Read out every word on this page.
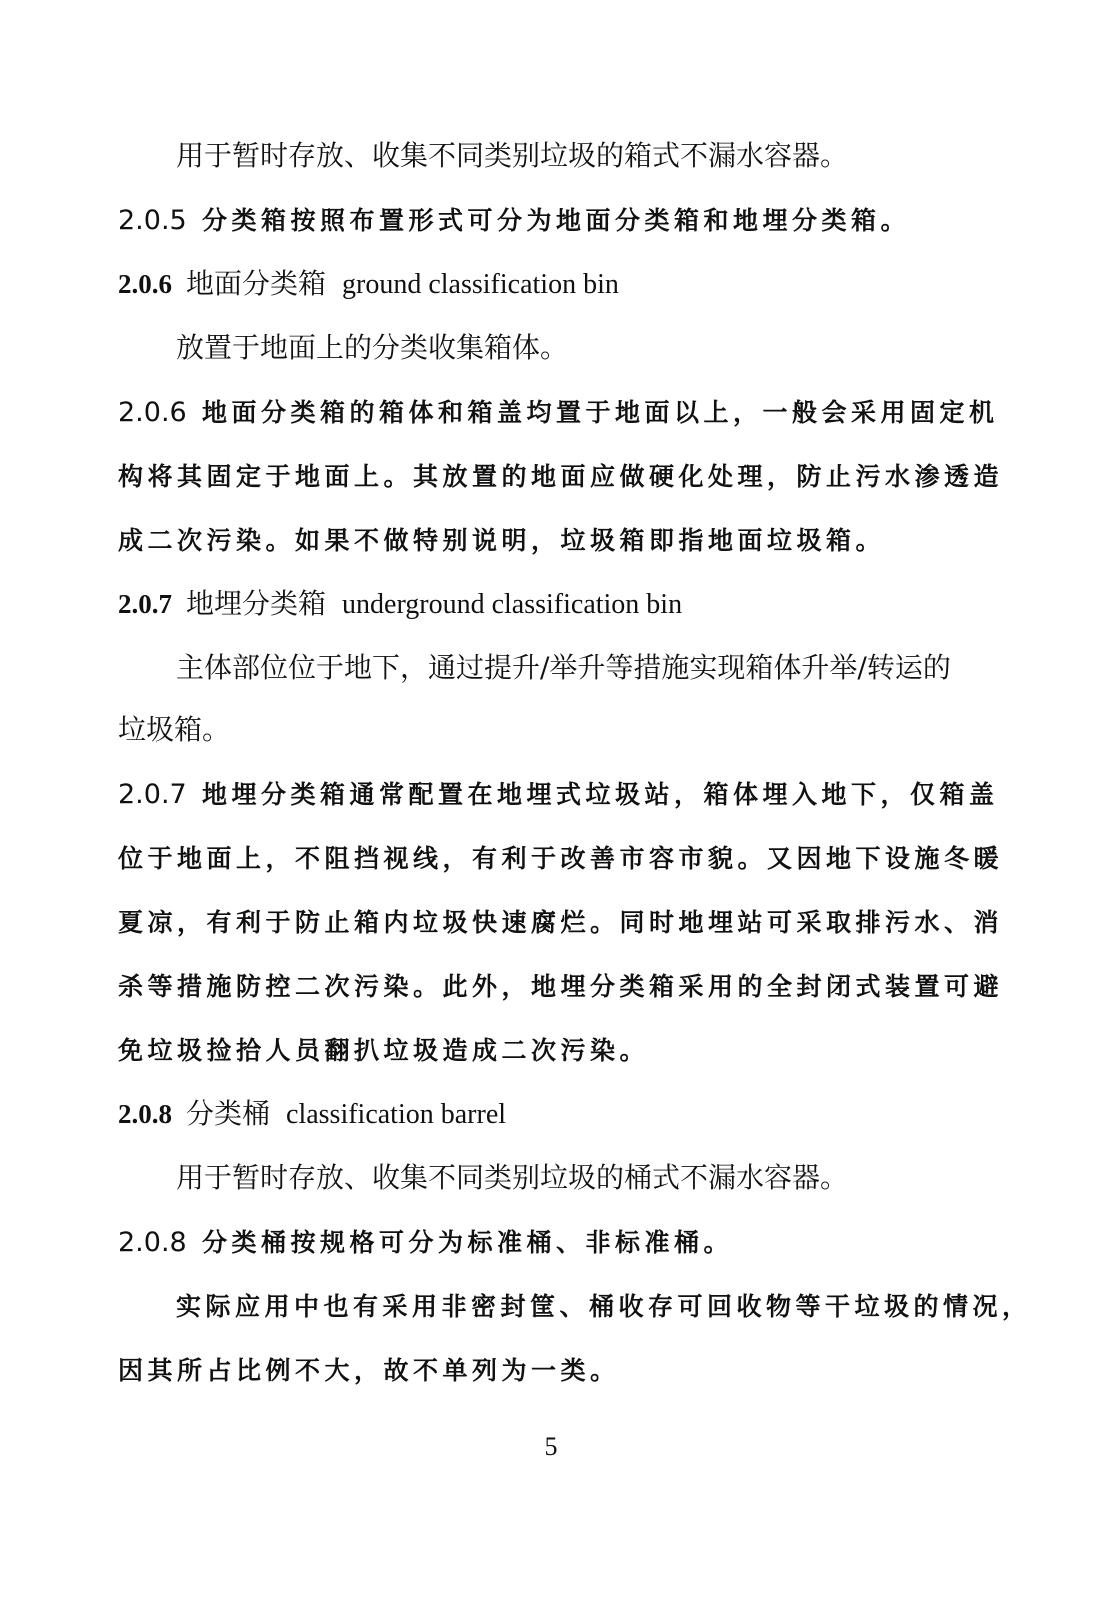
用于暂时存放、收集不同类别垃圾的箱式不漏水容器。
2.0.5 分类箱按照布置形式可分为地面分类箱和地埋分类箱。
2.0.6 地面分类箱 ground classification bin
放置于地面上的分类收集箱体。
2.0.6 地面分类箱的箱体和箱盖均置于地面以上，一般会采用固定机
构将其固定于地面上。其放置的地面应做硬化处理，防止污水渗透造
成二次污染。如果不做特别说明，垃圾箱即指地面垃圾箱。
2.0.7 地埋分类箱 underground classification bin
主体部位位于地下，通过提升/举升等措施实现箱体升举/转运的
垃圾箱。
2.0.7 地埋分类箱通常配置在地埋式垃圾站，箱体埋入地下，仅箱盖
位于地面上，不阻挡视线，有利于改善市容市貌。又因地下设施冬暖
夏凉，有利于防止箱内垃圾快速腐烂。同时地埋站可采取排污水、消
杀等措施防控二次污染。此外，地埋分类箱采用的全封闭式装置可避
免垃圾捡拾人员翻扒垃圾造成二次污染。
2.0.8 分类桶 classification barrel
用于暂时存放、收集不同类别垃圾的桶式不漏水容器。
2.0.8 分类桶按规格可分为标准桶、非标准桶。
实际应用中也有采用非密封筐、桶收存可回收物等干垃圾的情况，
因其所占比例不大，故不单列为一类。
5
